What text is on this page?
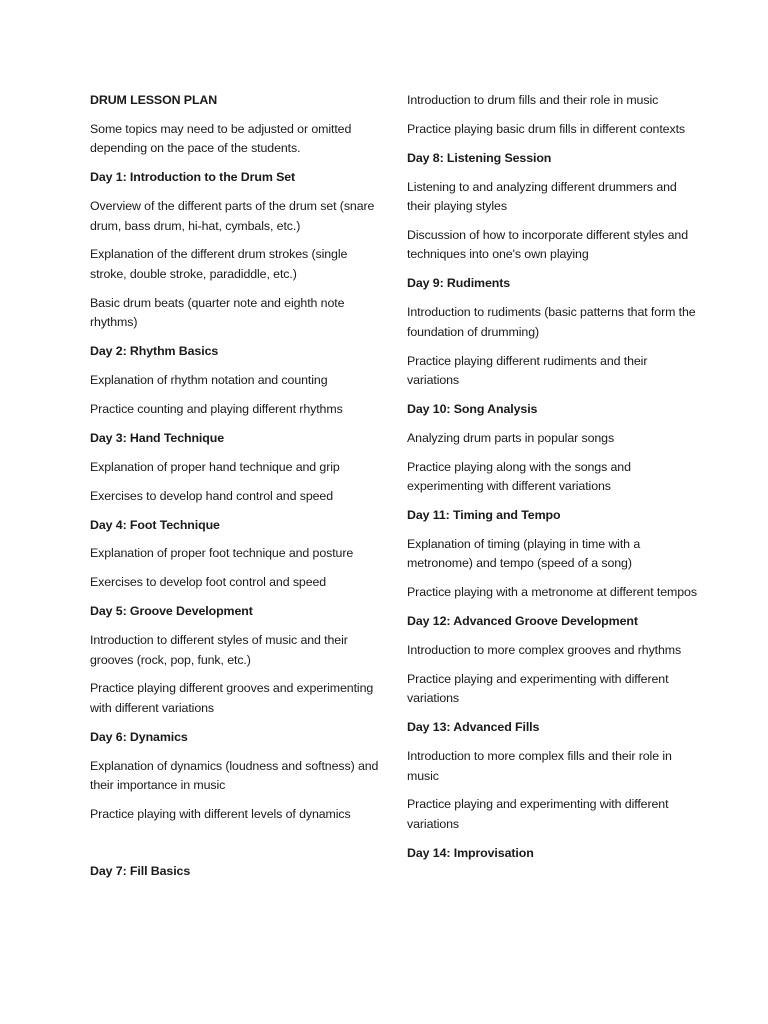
DRUM LESSON PLAN

Some topics may need to be adjusted or omitted depending on the pace of the students.

Day 1: Introduction to the Drum Set

Overview of the different parts of the drum set (snare drum, bass drum, hi-hat, cymbals, etc.)

Explanation of the different drum strokes (single stroke, double stroke, paradiddle, etc.)

Basic drum beats (quarter note and eighth note rhythms)

Day 2: Rhythm Basics

Explanation of rhythm notation and counting

Practice counting and playing different rhythms

Day 3: Hand Technique

Explanation of proper hand technique and grip

Exercises to develop hand control and speed

Day 4: Foot Technique

Explanation of proper foot technique and posture

Exercises to develop foot control and speed

Day 5: Groove Development

Introduction to different styles of music and their grooves (rock, pop, funk, etc.)

Practice playing different grooves and experimenting with different variations

Day 6: Dynamics

Explanation of dynamics (loudness and softness) and their importance in music

Practice playing with different levels of dynamics

Day 7: Fill Basics

Introduction to drum fills and their role in music

Practice playing basic drum fills in different contexts

Day 8: Listening Session

Listening to and analyzing different drummers and their playing styles

Discussion of how to incorporate different styles and techniques into one's own playing

Day 9: Rudiments

Introduction to rudiments (basic patterns that form the foundation of drumming)

Practice playing different rudiments and their variations

Day 10: Song Analysis

Analyzing drum parts in popular songs

Practice playing along with the songs and experimenting with different variations

Day 11: Timing and Tempo

Explanation of timing (playing in time with a metronome) and tempo (speed of a song)

Practice playing with a metronome at different tempos

Day 12: Advanced Groove Development

Introduction to more complex grooves and rhythms

Practice playing and experimenting with different variations

Day 13: Advanced Fills

Introduction to more complex fills and their role in music

Practice playing and experimenting with different variations

Day 14: Improvisation
